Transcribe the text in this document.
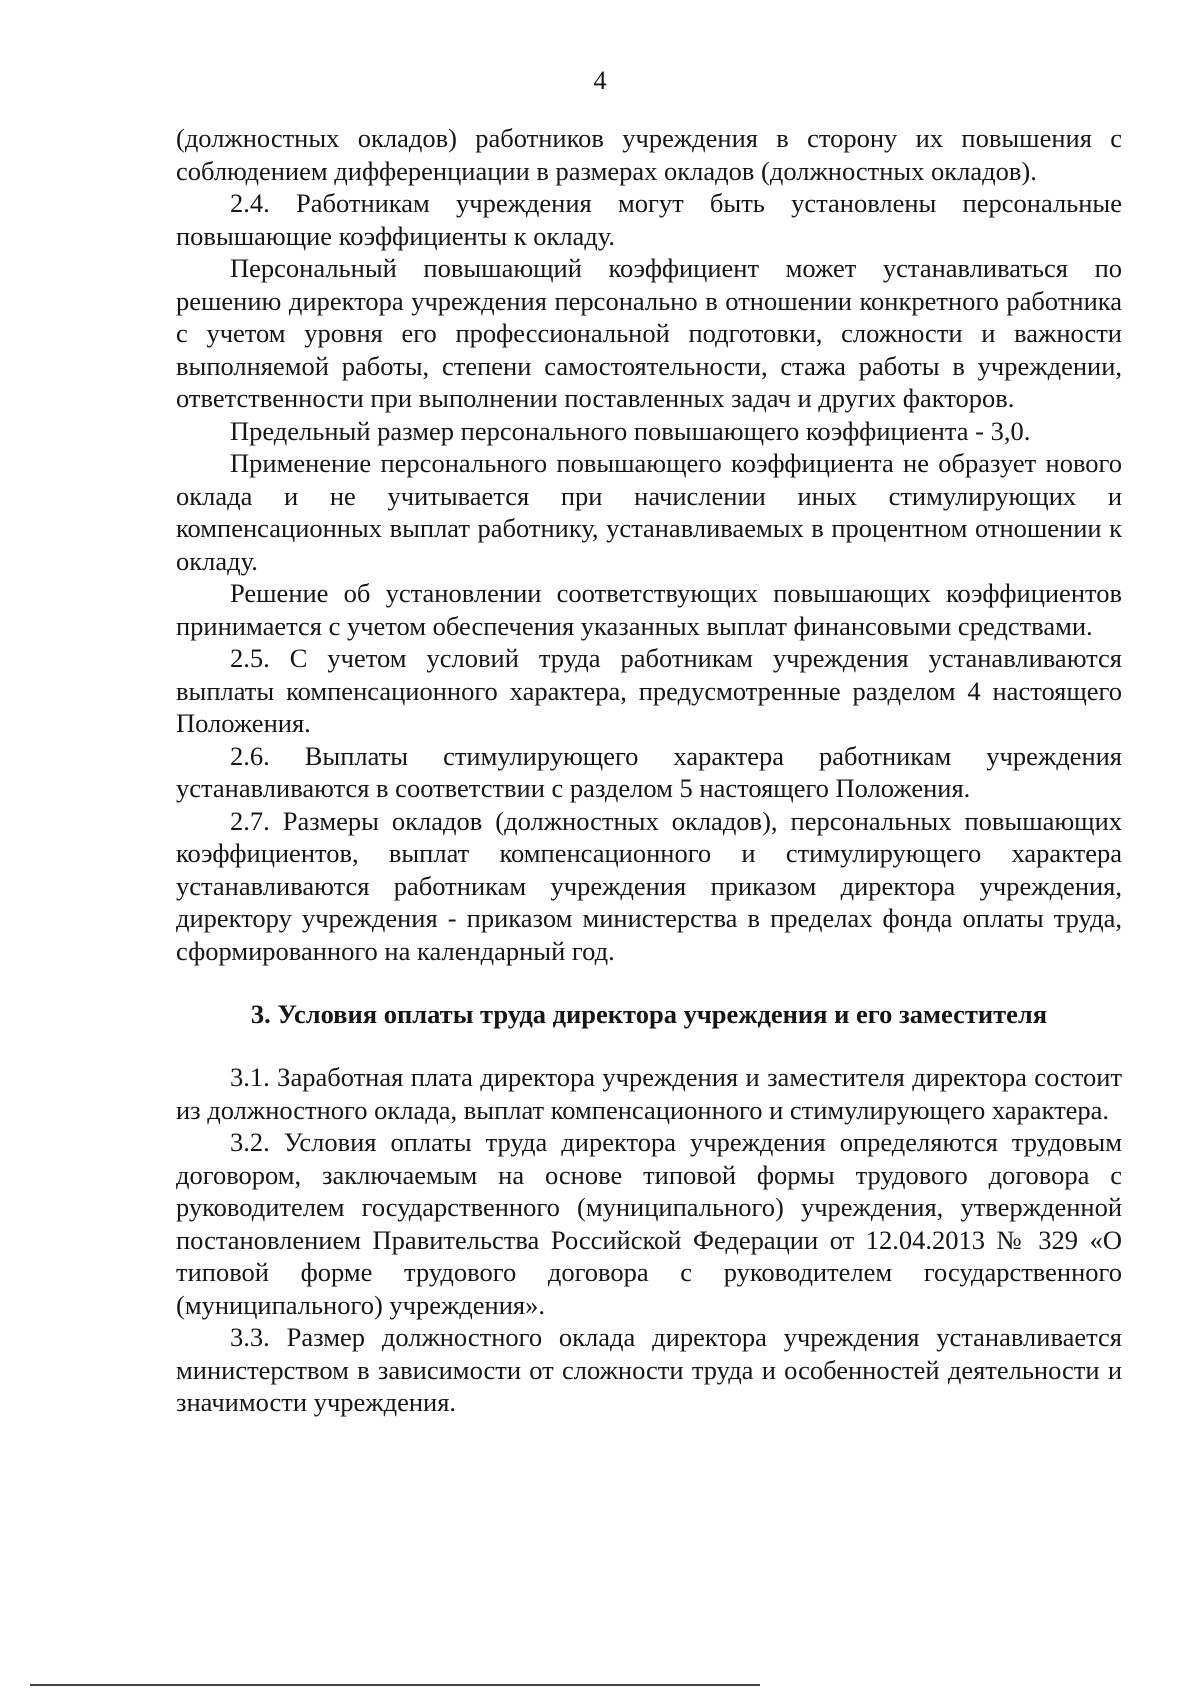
4

(должностных окладов) работников учреждения в сторону их повышения с соблюдением дифференциации в размерах окладов (должностных окладов).

2.4. Работникам учреждения могут быть установлены персональные повышающие коэффициенты к окладу.

Персональный повышающий коэффициент может устанавливаться по решению директора учреждения персонально в отношении конкретного работника с учетом уровня его профессиональной подготовки, сложности и важности выполняемой работы, степени самостоятельности, стажа работы в учреждении, ответственности при выполнении поставленных задач и других факторов.

Предельный размер персонального повышающего коэффициента - 3,0.

Применение персонального повышающего коэффициента не образует нового оклада и не учитывается при начислении иных стимулирующих и компенсационных выплат работнику, устанавливаемых в процентном отношении к окладу.

Решение об установлении соответствующих повышающих коэффициентов принимается с учетом обеспечения указанных выплат финансовыми средствами.

2.5. С учетом условий труда работникам учреждения устанавливаются выплаты компенсационного характера, предусмотренные разделом 4 настоящего Положения.

2.6. Выплаты стимулирующего характера работникам учреждения устанавливаются в соответствии с разделом 5 настоящего Положения.

2.7. Размеры окладов (должностных окладов), персональных повышающих коэффициентов, выплат компенсационного и стимулирующего характера устанавливаются работникам учреждения приказом директора учреждения, директору учреждения - приказом министерства в пределах фонда оплаты труда, сформированного на календарный год.

3. Условия оплаты труда директора учреждения и его заместителя

3.1. Заработная плата директора учреждения и заместителя директора состоит из должностного оклада, выплат компенсационного и стимулирующего характера.

3.2. Условия оплаты труда директора учреждения определяются трудовым договором, заключаемым на основе типовой формы трудового договора с руководителем государственного (муниципального) учреждения, утвержденной постановлением Правительства Российской Федерации от 12.04.2013 № 329 «О типовой форме трудового договора с руководителем государственного (муниципального) учреждения».

3.3. Размер должностного оклада директора учреждения устанавливается министерством в зависимости от сложности труда и особенностей деятельности и значимости учреждения.
